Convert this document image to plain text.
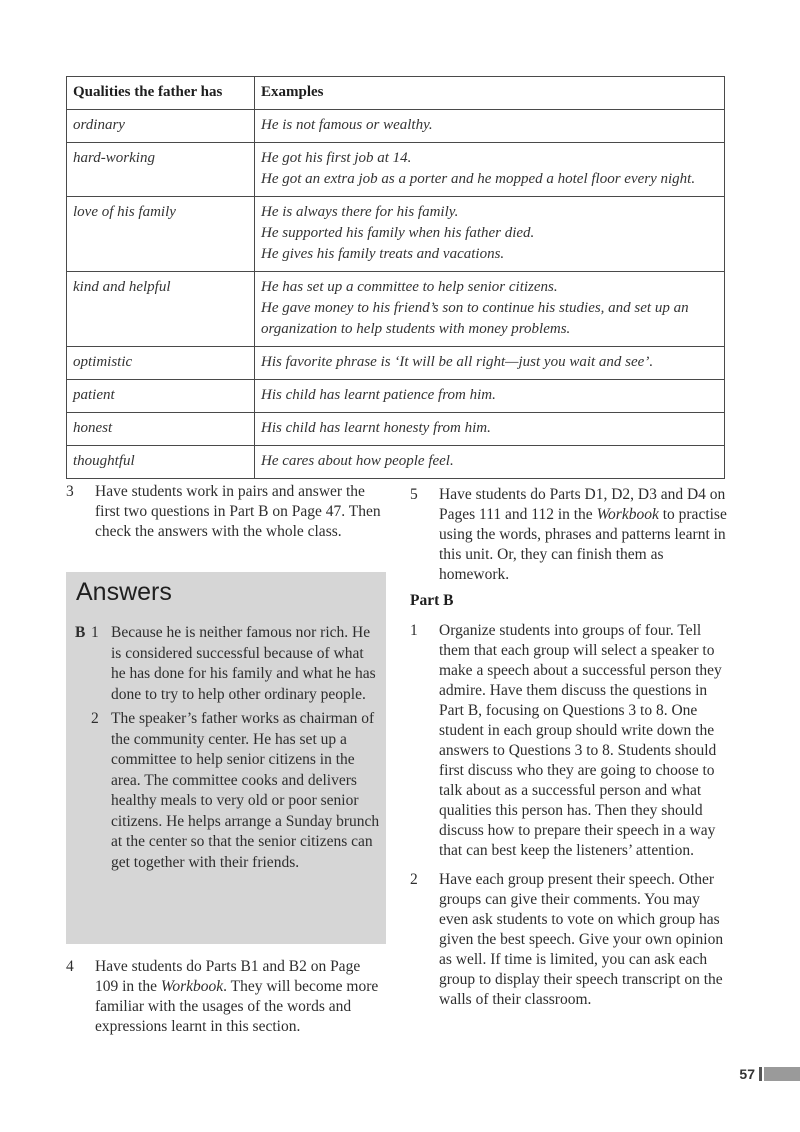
Qualities the father has	Examples
ordinary	He is not famous or wealthy.

hard-working	He got his first job at 14.
He got an extra job as a porter and he mopped a hotel floor every night.

love of his family	He is always there for his family.
He supported his family when his father died.
He gives his family treats and vacations.

kind and helpful	He has set up a committee to help senior citizens.
He gave money to his friend’s son to continue his studies, and set up an organization to help students with money problems.

optimistic	His favorite phrase is ‘It will be all right—just you wait and see’.

patient	His child has learnt patience from him.

honest	His child has learnt honesty from him.

thoughtful	He cares about how people feel.
3	Have students work in pairs and answer the first two questions in Part B on Page 47. Then check the answers with the whole class.
Answers
B 1 Because he is neither famous nor rich. He is considered successful because of what he has done for his family and what he has done to try to help other ordinary people.
2 The speaker’s father works as chairman of the community center. He has set up a committee to help senior citizens in the area. The committee cooks and delivers healthy meals to very old or poor senior citizens. He helps arrange a Sunday brunch at the center so that the senior citizens can get together with their friends.
4	Have students do Parts B1 and B2 on Page 109 in the Workbook. They will become more familiar with the usages of the words and expressions learnt in this section.
5	Have students do Parts D1, D2, D3 and D4 on Pages 111 and 112 in the Workbook to practise using the words, phrases and patterns learnt in this unit. Or, they can finish them as homework.
Part B
1	Organize students into groups of four. Tell them that each group will select a speaker to make a speech about a successful person they admire. Have them discuss the questions in Part B, focusing on Questions 3 to 8. One student in each group should write down the answers to Questions 3 to 8. Students should first discuss who they are going to choose to talk about as a successful person and what qualities this person has. Then they should discuss how to prepare their speech in a way that can best keep the listeners’ attention.
2	Have each group present their speech. Other groups can give their comments. You may even ask students to vote on which group has given the best speech. Give your own opinion as well. If time is limited, you can ask each group to display their speech transcript on the walls of their classroom.
57
